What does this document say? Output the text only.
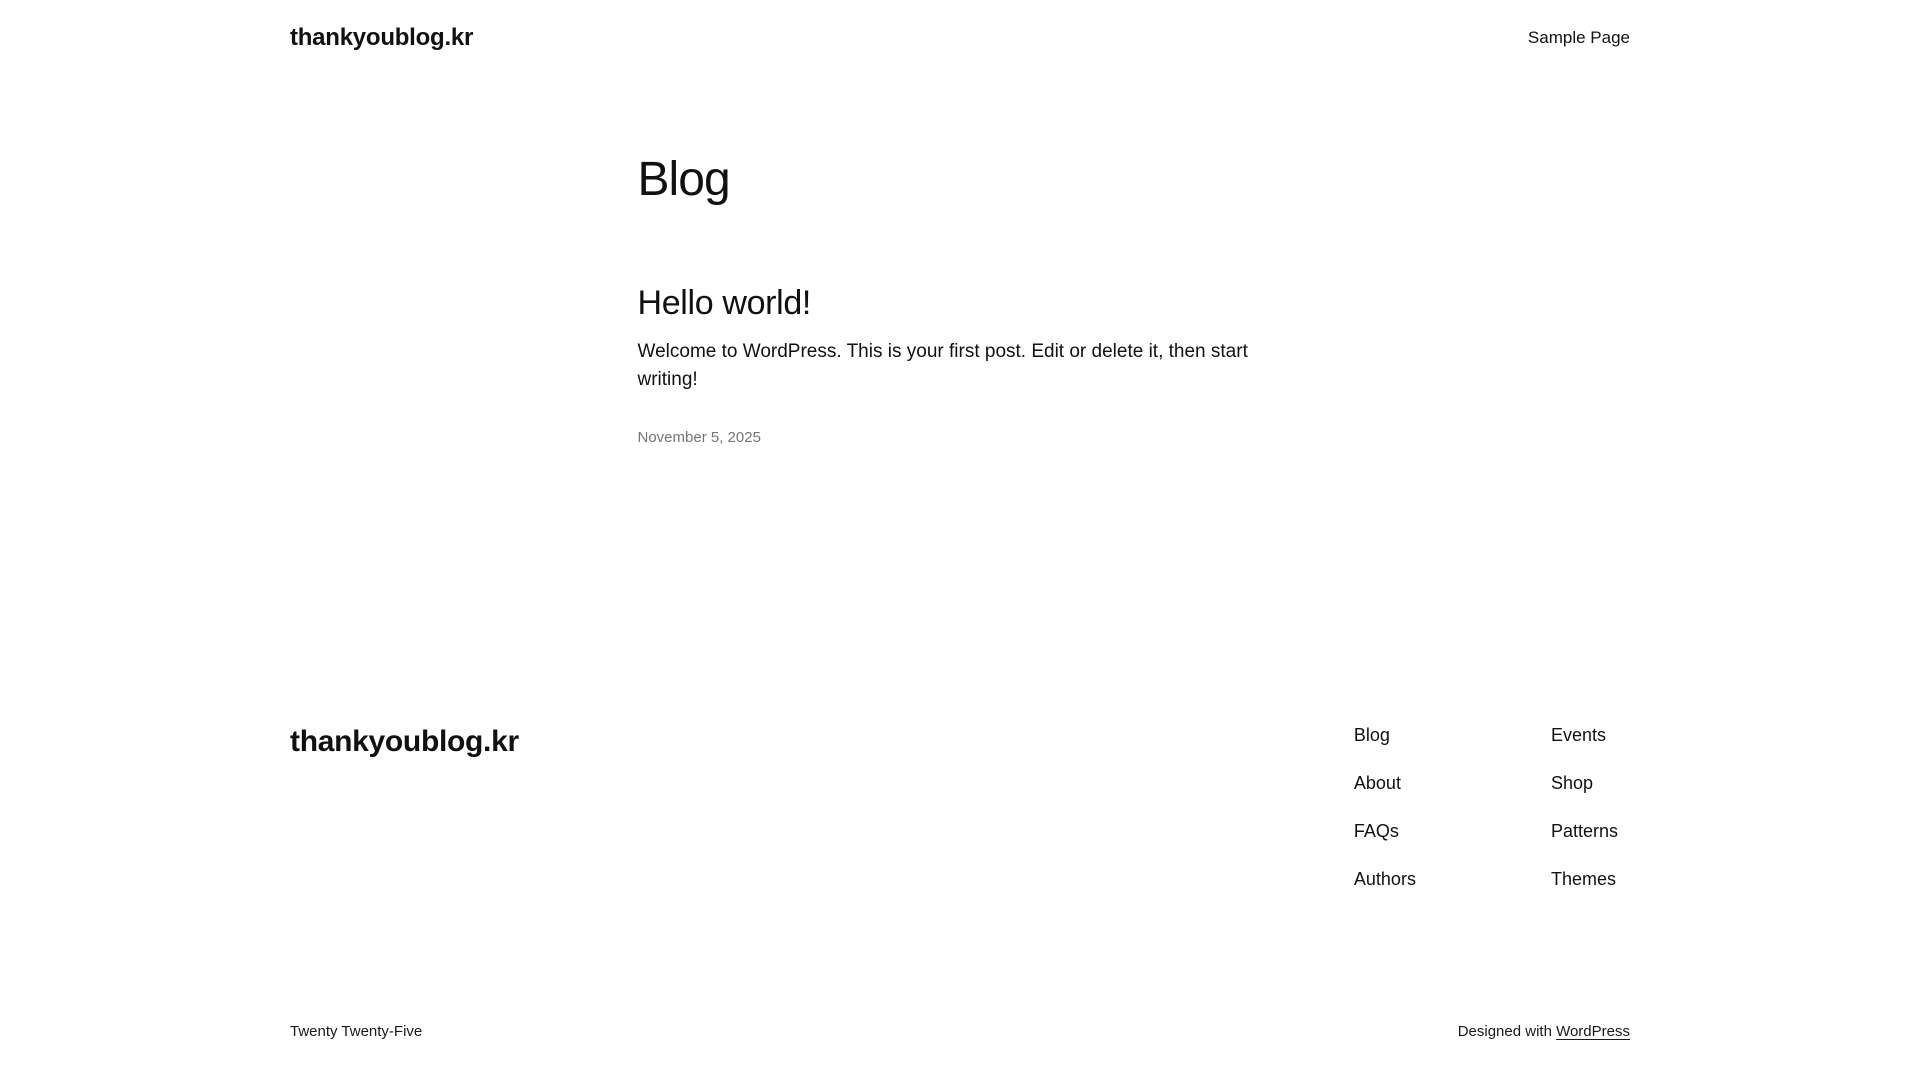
thankyoublog.kr	Sample Page
Blog
Hello world!

Welcome to WordPress. This is your first post. Edit or delete it, then start writing!

November 5, 2025
thankyoublog.kr	Blog
About
FAQs
Authors
Events
Shop
Patterns
Themes
Twenty Twenty-Five	Designed with WordPress
